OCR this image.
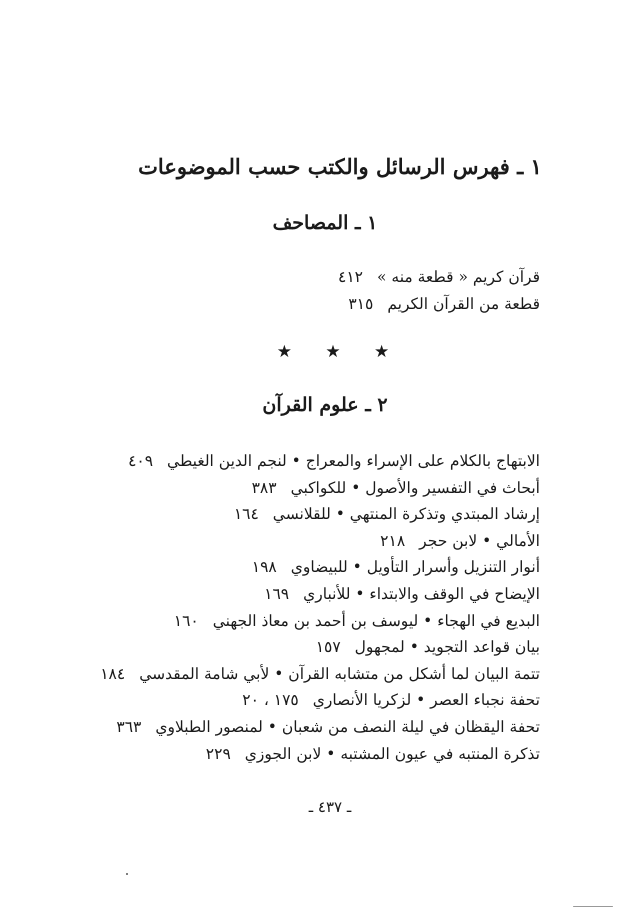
١ ـ فهرس الرسائل والكتب حسب الموضوعات
١ ـ المصاحف
قرآن كريم « قطعة منه »٤١٢
قطعة من القرآن الكريم٣١٥
★ ★ ★
٢ ـ علوم القرآن
الابتهاج بالكلام على الإسراء والمعراج • لنجم الدين الغيطي٤٠٩
أبحاث في التفسير والأصول • للكواكبي٣٨٣
إرشاد المبتدي وتذكرة المنتهي • للقلانسي١٦٤
الأمالي • لابن حجر٢١٨
أنوار التنزيل وأسرار التأويل • للبيضاوي١٩٨
الإيضاح في الوقف والابتداء • للأنباري١٦٩
البديع في الهجاء • ليوسف بن أحمد بن معاذ الجهني١٦٠
بيان قواعد التجويد • لمجهول١٥٧
تتمة البيان لما أشكل من متشابه القرآن • لأبي شامة المقدسي١٨٤
تحفة نجباء العصر • لزكريا الأنصاري١٧٥ ، ٢٠
تحفة اليقظان في ليلة النصف من شعبان • لمنصور الطبلاوي٣٦٣
تذكرة المنتبه في عيون المشتبه • لابن الجوزي٢٢٩
ـ ٤٣٧ ـ
